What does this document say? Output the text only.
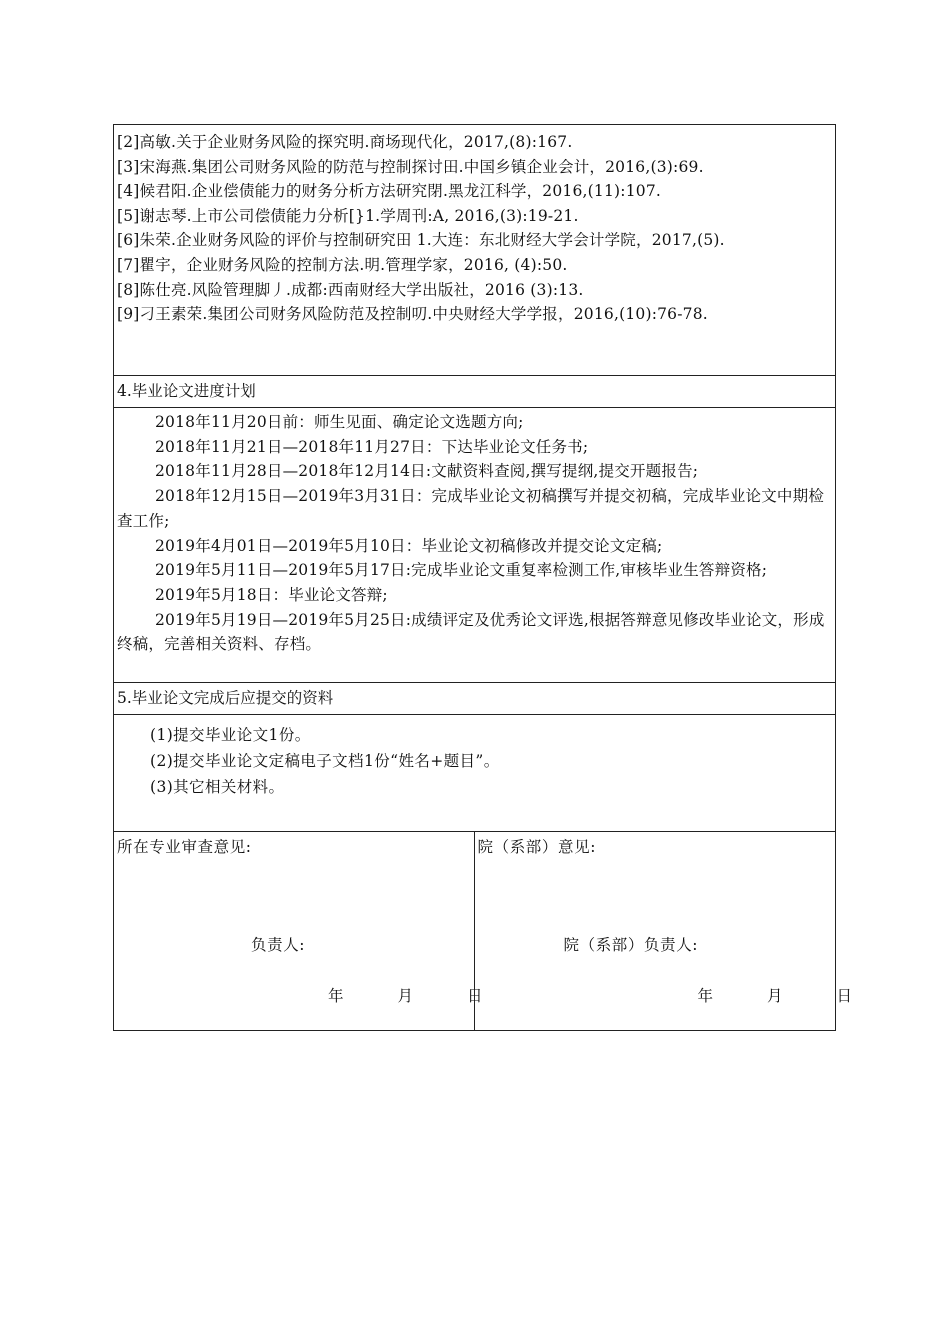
[2]高敏.关于企业财务风险的探究明.商场现代化，2017,(8):167.
[3]宋海燕.集团公司财务风险的防范与控制探讨田.中国乡镇企业会计，2016,(3):69.
[4]候君阳.企业偿债能力的财务分析方法研究閉.黑龙江科学，2016,(11):107.
[5]谢志琴.上市公司偿债能力分析[}1.学周刊:A, 2016,(3):19-21.
[6]朱荣.企业财务风险的评价与控制研究田 1.大连：东北财经大学会计学院，2017,(5).
[7]瞿宇，企业财务风险的控制方法.明.管理学家，2016, (4):50.
[8]陈仕亮.风险管理脚丿.成都:西南财经大学出版社，2016 (3):13.
[9]刁王素荣.集团公司财务风险防范及控制叨.中央财经大学学报，2016,(10):76-78.
4.毕业论文进度计划
2018年11月20日前：师生见面、确定论文选题方向;
2018年11月21日—2018年11月27日：下达毕业论文任务书;
2018年11月28日—2018年12月14日:文献资料查阅,撰写提纲,提交开题报告;
2018年12月15日—2019年3月31日：完成毕业论文初稿撰写并提交初稿，完成毕业论文中期检查工作;
2019年4月01日—2019年5月10日：毕业论文初稿修改并提交论文定稿;
2019年5月11日—2019年5月17日:完成毕业论文重复率检测工作,审核毕业生答辩资格;
2019年5月18日：毕业论文答辩;
2019年5月19日—2019年5月25日:成绩评定及优秀论文评选,根据答辩意见修改毕业论文，形成终稿，完善相关资料、存档。
5.毕业论文完成后应提交的资料
(1)提交毕业论文1份。
(2)提交毕业论文定稿电子文档1份“姓名+题目”。
(3)其它相关材料。
所在专业审查意见:
负责人:
年	月	日
院（系部）意见:
院（系部）负责人:
年	月	日
